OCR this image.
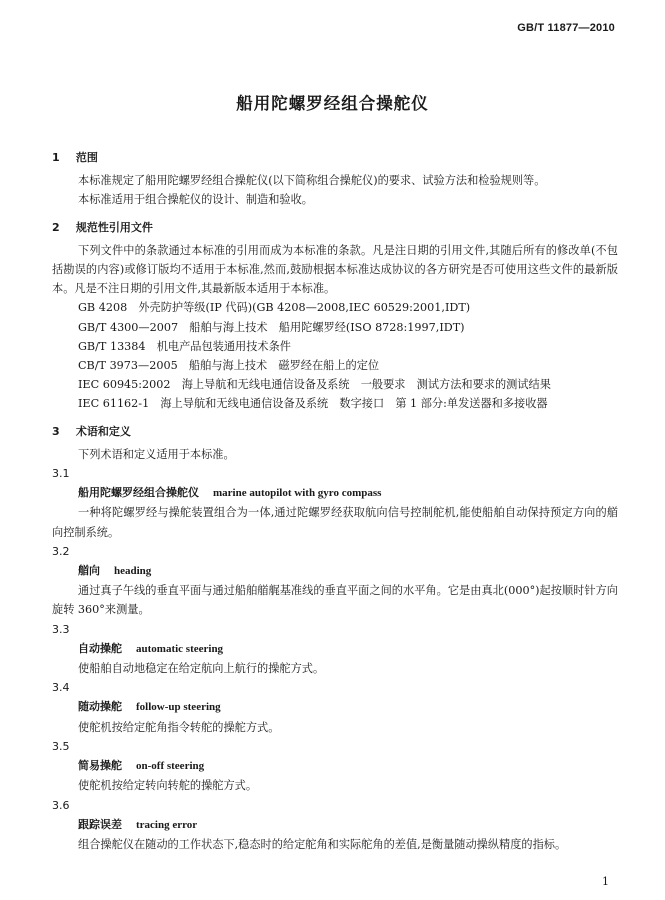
GB/T 11877—2010
船用陀螺罗经组合操舵仪
1 范围

本标准规定了船用陀螺罗经组合操舵仪(以下简称组合操舵仪)的要求、试验方法和检验规则等。

本标准适用于组合操舵仪的设计、制造和验收。

2 规范性引用文件

下列文件中的条款通过本标准的引用而成为本标准的条款。凡是注日期的引用文件,其随后所有的修改单(不包括勘误的内容)或修订版均不适用于本标准,然而,鼓励根据本标准达成协议的各方研究是否可使用这些文件的最新版本。凡是不注日期的引用文件,其最新版本适用于本标准。

GB 4208　外壳防护等级(IP 代码)(GB 4208—2008,IEC 60529:2001,IDT)

GB/T 4300—2007　船舶与海上技术　船用陀螺罗经(ISO 8728:1997,IDT)

GB/T 13384　机电产品包装通用技术条件

CB/T 3973—2005　船舶与海上技术　磁罗经在船上的定位

IEC 60945:2002　海上导航和无线电通信设备及系统　一般要求　测试方法和要求的测试结果

IEC 61162-1　海上导航和无线电通信设备及系统　数字接口　第 1 部分:单发送器和多接收器

3 术语和定义

下列术语和定义适用于本标准。

3.1

船用陀螺罗经组合操舵仪 marine autopilot with gyro compass

一种将陀螺罗经与操舵装置组合为一体,通过陀螺罗经获取航向信号控制舵机,能使船舶自动保持预定方向的艏向控制系统。

3.2

艏向 heading

通过真子午线的垂直平面与通过船舶艏艉基准线的垂直平面之间的水平角。它是由真北(000°)起按顺时针方向旋转 360°来测量。

3.3

自动操舵 automatic steering

使船舶自动地稳定在给定航向上航行的操舵方式。

3.4

随动操舵 follow-up steering

使舵机按给定舵角指令转舵的操舵方式。

3.5

简易操舵 on-off steering

使舵机按给定转向转舵的操舵方式。

3.6

跟踪误差 tracing error

组合操舵仪在随动的工作状态下,稳态时的给定舵角和实际舵角的差值,是衡量随动操纵精度的指标。

1
